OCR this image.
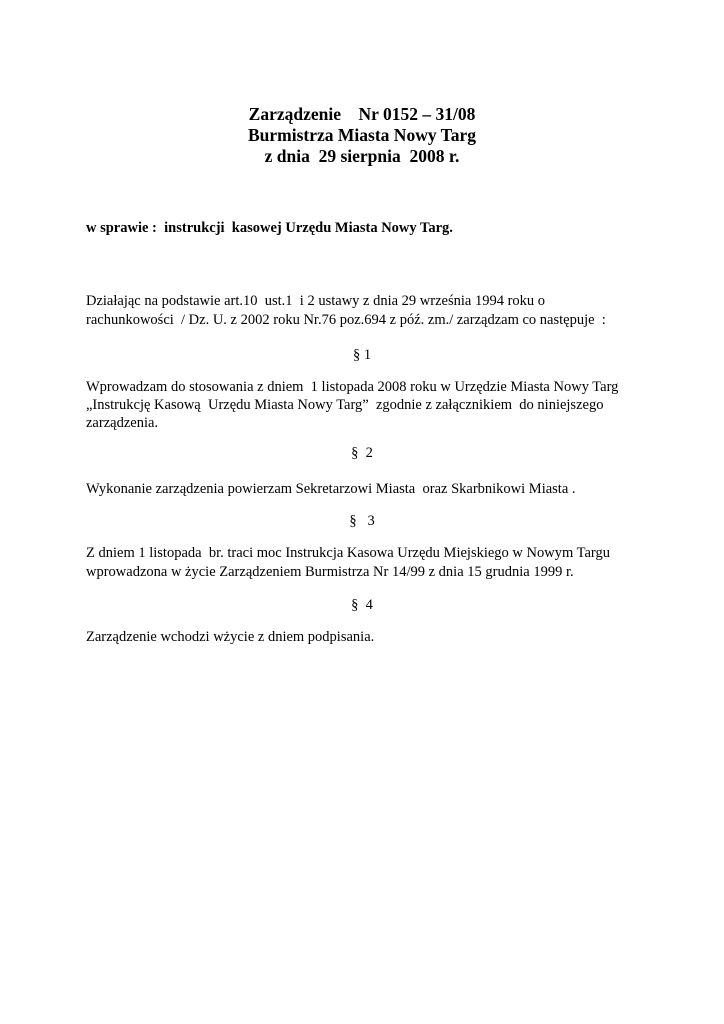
Zarządzenie    Nr 0152 – 31/08
Burmistrza Miasta Nowy Targ
z dnia  29 sierpnia  2008 r.
w sprawie :  instrukcji  kasowej Urzędu Miasta Nowy Targ.
Działając na podstawie art.10  ust.1  i 2 ustawy z dnia 29 września 1994 roku o
rachunkowości  / Dz. U. z 2002 roku Nr.76 poz.694 z póź. zm./ zarządzam co następuje  :
§ 1
Wprowadzam do stosowania z dniem  1 listopada 2008 roku w Urzędzie Miasta Nowy Targ
„Instrukcję Kasową  Urzędu Miasta Nowy Targ”  zgodnie z załącznikiem  do niniejszego
zarządzenia.
§  2
Wykonanie zarządzenia powierzam Sekretarzowi Miasta  oraz Skarbnikowi Miasta .
§   3
Z dniem 1 listopada  br. traci moc Instrukcja Kasowa Urzędu Miejskiego w Nowym Targu
wprowadzona w życie Zarządzeniem Burmistrza Nr 14/99 z dnia 15 grudnia 1999 r.
§  4
Zarządzenie wchodzi wżycie z dniem podpisania.
